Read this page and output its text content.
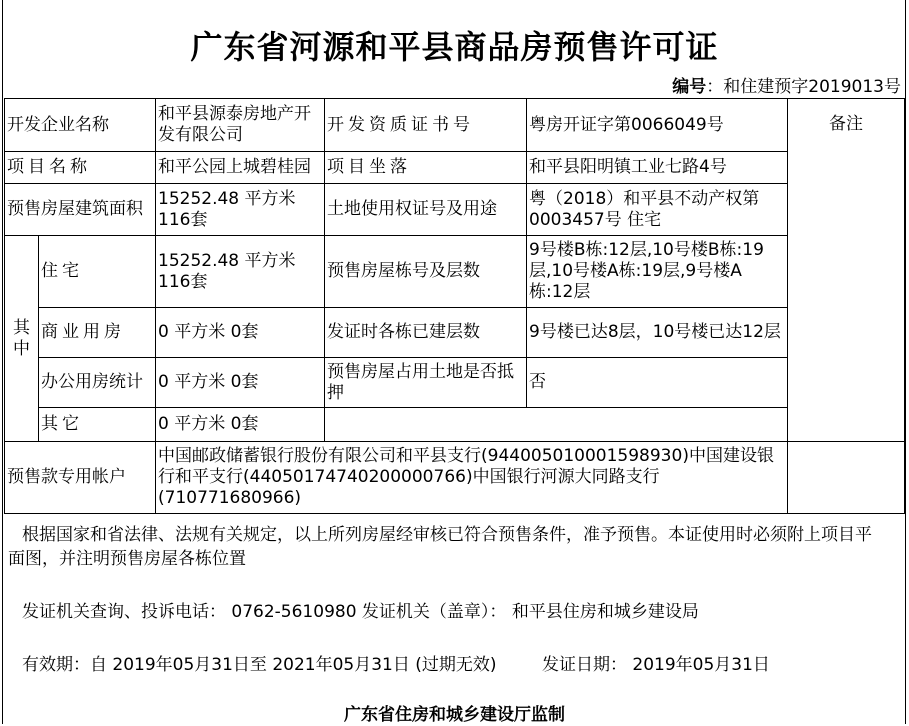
广东省河源和平县商品房预售许可证
编号：和住建预字2019013号
开发企业名称		和平县源泰房地产开发有限公司	开发资质证书号	粤房开证字第0066049号	备注
项目名称		和平公园上城碧桂园	项目坐落	和平县阳明镇工业七路4号	
预售房屋建筑面积		15252.48 平方米 116套	土地使用权证号及用途	粤（2018）和平县不动产权第0003457号 住宅	
其中	住宅	15252.48 平方米 116套	预售房屋栋号及层数	9号楼B栋:12层,10号楼B栋:19层,10号楼A栋:19层,9号楼A栋:12层	
	商业用房	0 平方米 0套	发证时各栋已建层数	9号楼已达8层，10号楼已达12层	
	办公用房统计	0 平方米 0套	预售房屋占用土地是否抵押	否	
	其它	0 平方米 0套			
预售款专用帐户		中国邮政储蓄银行股份有限公司和平县支行(944005010001598930)中国建设银行和平支行(44050174740200000766)中国银行河源大同路支行(710771680966)			
根据国家和省法律、法规有关规定，以上所列房屋经审核已符合预售条件，准予预售。本证使用时必须附上项目平面图，并注明预售房屋各栋位置
发证机关查询、投诉电话： 0762-5610980 发证机关（盖章）： 和平县住房和城乡建设局
有效期：自 2019年05月31日至 2021年05月31日 (过期无效)	发证日期： 2019年05月31日
广东省住房和城乡建设厅监制
